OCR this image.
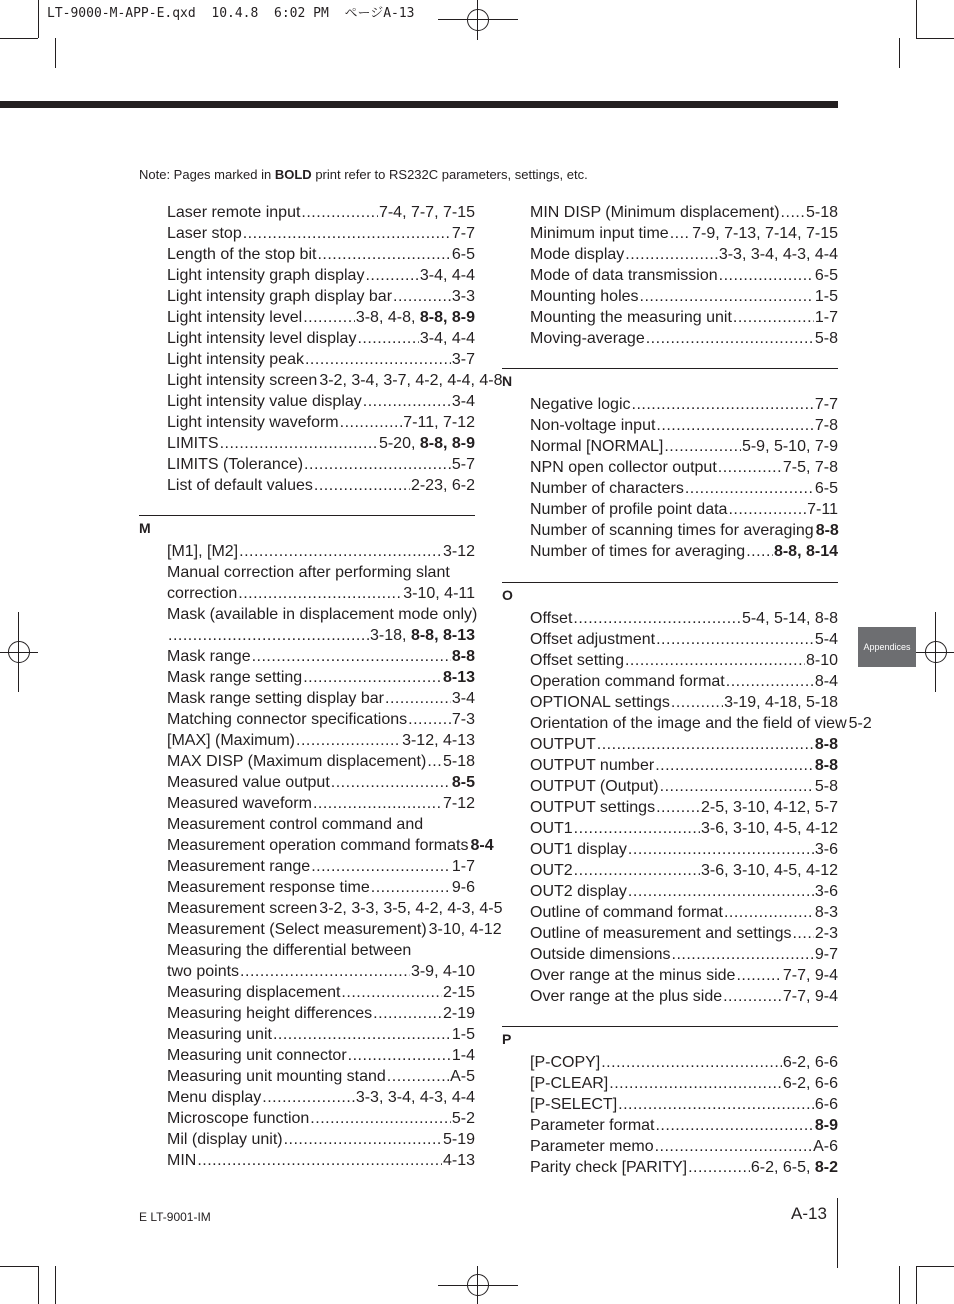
LT-9000-M-APP-E.qxd 10.4.8 6:02 PM ページA-13
Note: Pages marked in BOLD print refer to RS232C parameters, settings, etc.
Appendices
Laser remote input .....	7-4, 7-7, 7-15
Laser stop .....	7-7
Length of the stop bit .....	6-5
Light intensity graph display .....	3-4, 4-4
Light intensity graph display bar .....	3-3
Light intensity level .....	3-8, 4-8, 8-8, 8-9
Light intensity level display .....	3-4, 4-4
Light intensity peak .....	3-7
Light intensity screen 3-2, 3-4, 3-7, 4-2, 4-4, 4-8
Light intensity value display .....	3-4
Light intensity waveform .....	7-11, 7-12
LIMITS .....	5-20, 8-8, 8-9
LIMITS (Tolerance) .....	5-7
List of default values .....	2-23, 6-2
M
[M1], [M2] .....	3-12
Manual correction after performing slant
correction .....	3-10, 4-11
Mask (available in displacement mode only)
.....
3-18, 8-8, 8-13
Mask range .....	8-8
Mask range setting .....	8-13
Mask range setting display bar .....	3-4
Matching connector specifications .....	7-3
[MAX] (Maximum) .....	3-12, 4-13
MAX DISP (Maximum displacement) ..... 5-18
Measured value output .....	8-5
Measured waveform .....	7-12
Measurement control command and
Measurement operation command formats 8-4
Measurement range .....	1-7
Measurement response time .....	9-6
Measurement screen 3-2, 3-3, 3-5, 4-2, 4-3, 4-5
Measurement (Select measurement) 3-10, 4-12
Measuring the differential between
two points .....	3-9, 4-10
Measuring displacement .....	2-15
Measuring height differences .....	2-19
Measuring unit .....	1-5
Measuring unit connector .....	1-4
Measuring unit mounting stand .....	A-5
Menu display .....	3-3, 3-4, 4-3, 4-4
Microscope function .....	5-2
Mil (display unit) .....	5-19
MIN .....	4-13
MIN DISP (Minimum displacement) ..... 5-18
Minimum input time ..... 7-9, 7-13, 7-14, 7-15
Mode display .....	3-3, 3-4, 4-3, 4-4
Mode of data transmission .....	6-5
Mounting holes .....	1-5
Mounting the measuring unit .....	1-7
Moving-average .....	5-8
N
Negative logic .....	7-7
Non-voltage input .....	7-8
Normal [NORMAL] .....	5-9, 5-10, 7-9
NPN open collector output .....	7-5, 7-8
Number of characters .....	6-5
Number of profile point data .....	7-11
Number of scanning times for averaging 8-8
Number of times for averaging ..... 8-8, 8-14
O
Offset .....	5-4, 5-14, 8-8
Offset adjustment .....	5-4
Offset setting .....	8-10
Operation command format .....	8-4
OPTIONAL settings .....	3-19, 4-18, 5-18
Orientation of the image and the field of view 5-2
OUTPUT .....	8-8
OUTPUT number .....	8-8
OUTPUT (Output) .....	5-8
OUTPUT settings .....	2-5, 3-10, 4-12, 5-7
OUT1 .....	3-6, 3-10, 4-5, 4-12
OUT1 display .....	3-6
OUT2 .....	3-6, 3-10, 4-5, 4-12
OUT2 display .....	3-6
Outline of command format .....	8-3
Outline of measurement and settings ..... 2-3
Outside dimensions .....	9-7
Over range at the minus side .....	7-7, 9-4
Over range at the plus side .....	7-7, 9-4
P
[P-COPY] .....	6-2, 6-6
[P-CLEAR] .....	6-2, 6-6
[P-SELECT] .....	6-6
Parameter format .....	8-9
Parameter memo .....	A-6
Parity check [PARITY] .....	6-2, 6-5, 8-2
E LT-9001-IM	A-13
